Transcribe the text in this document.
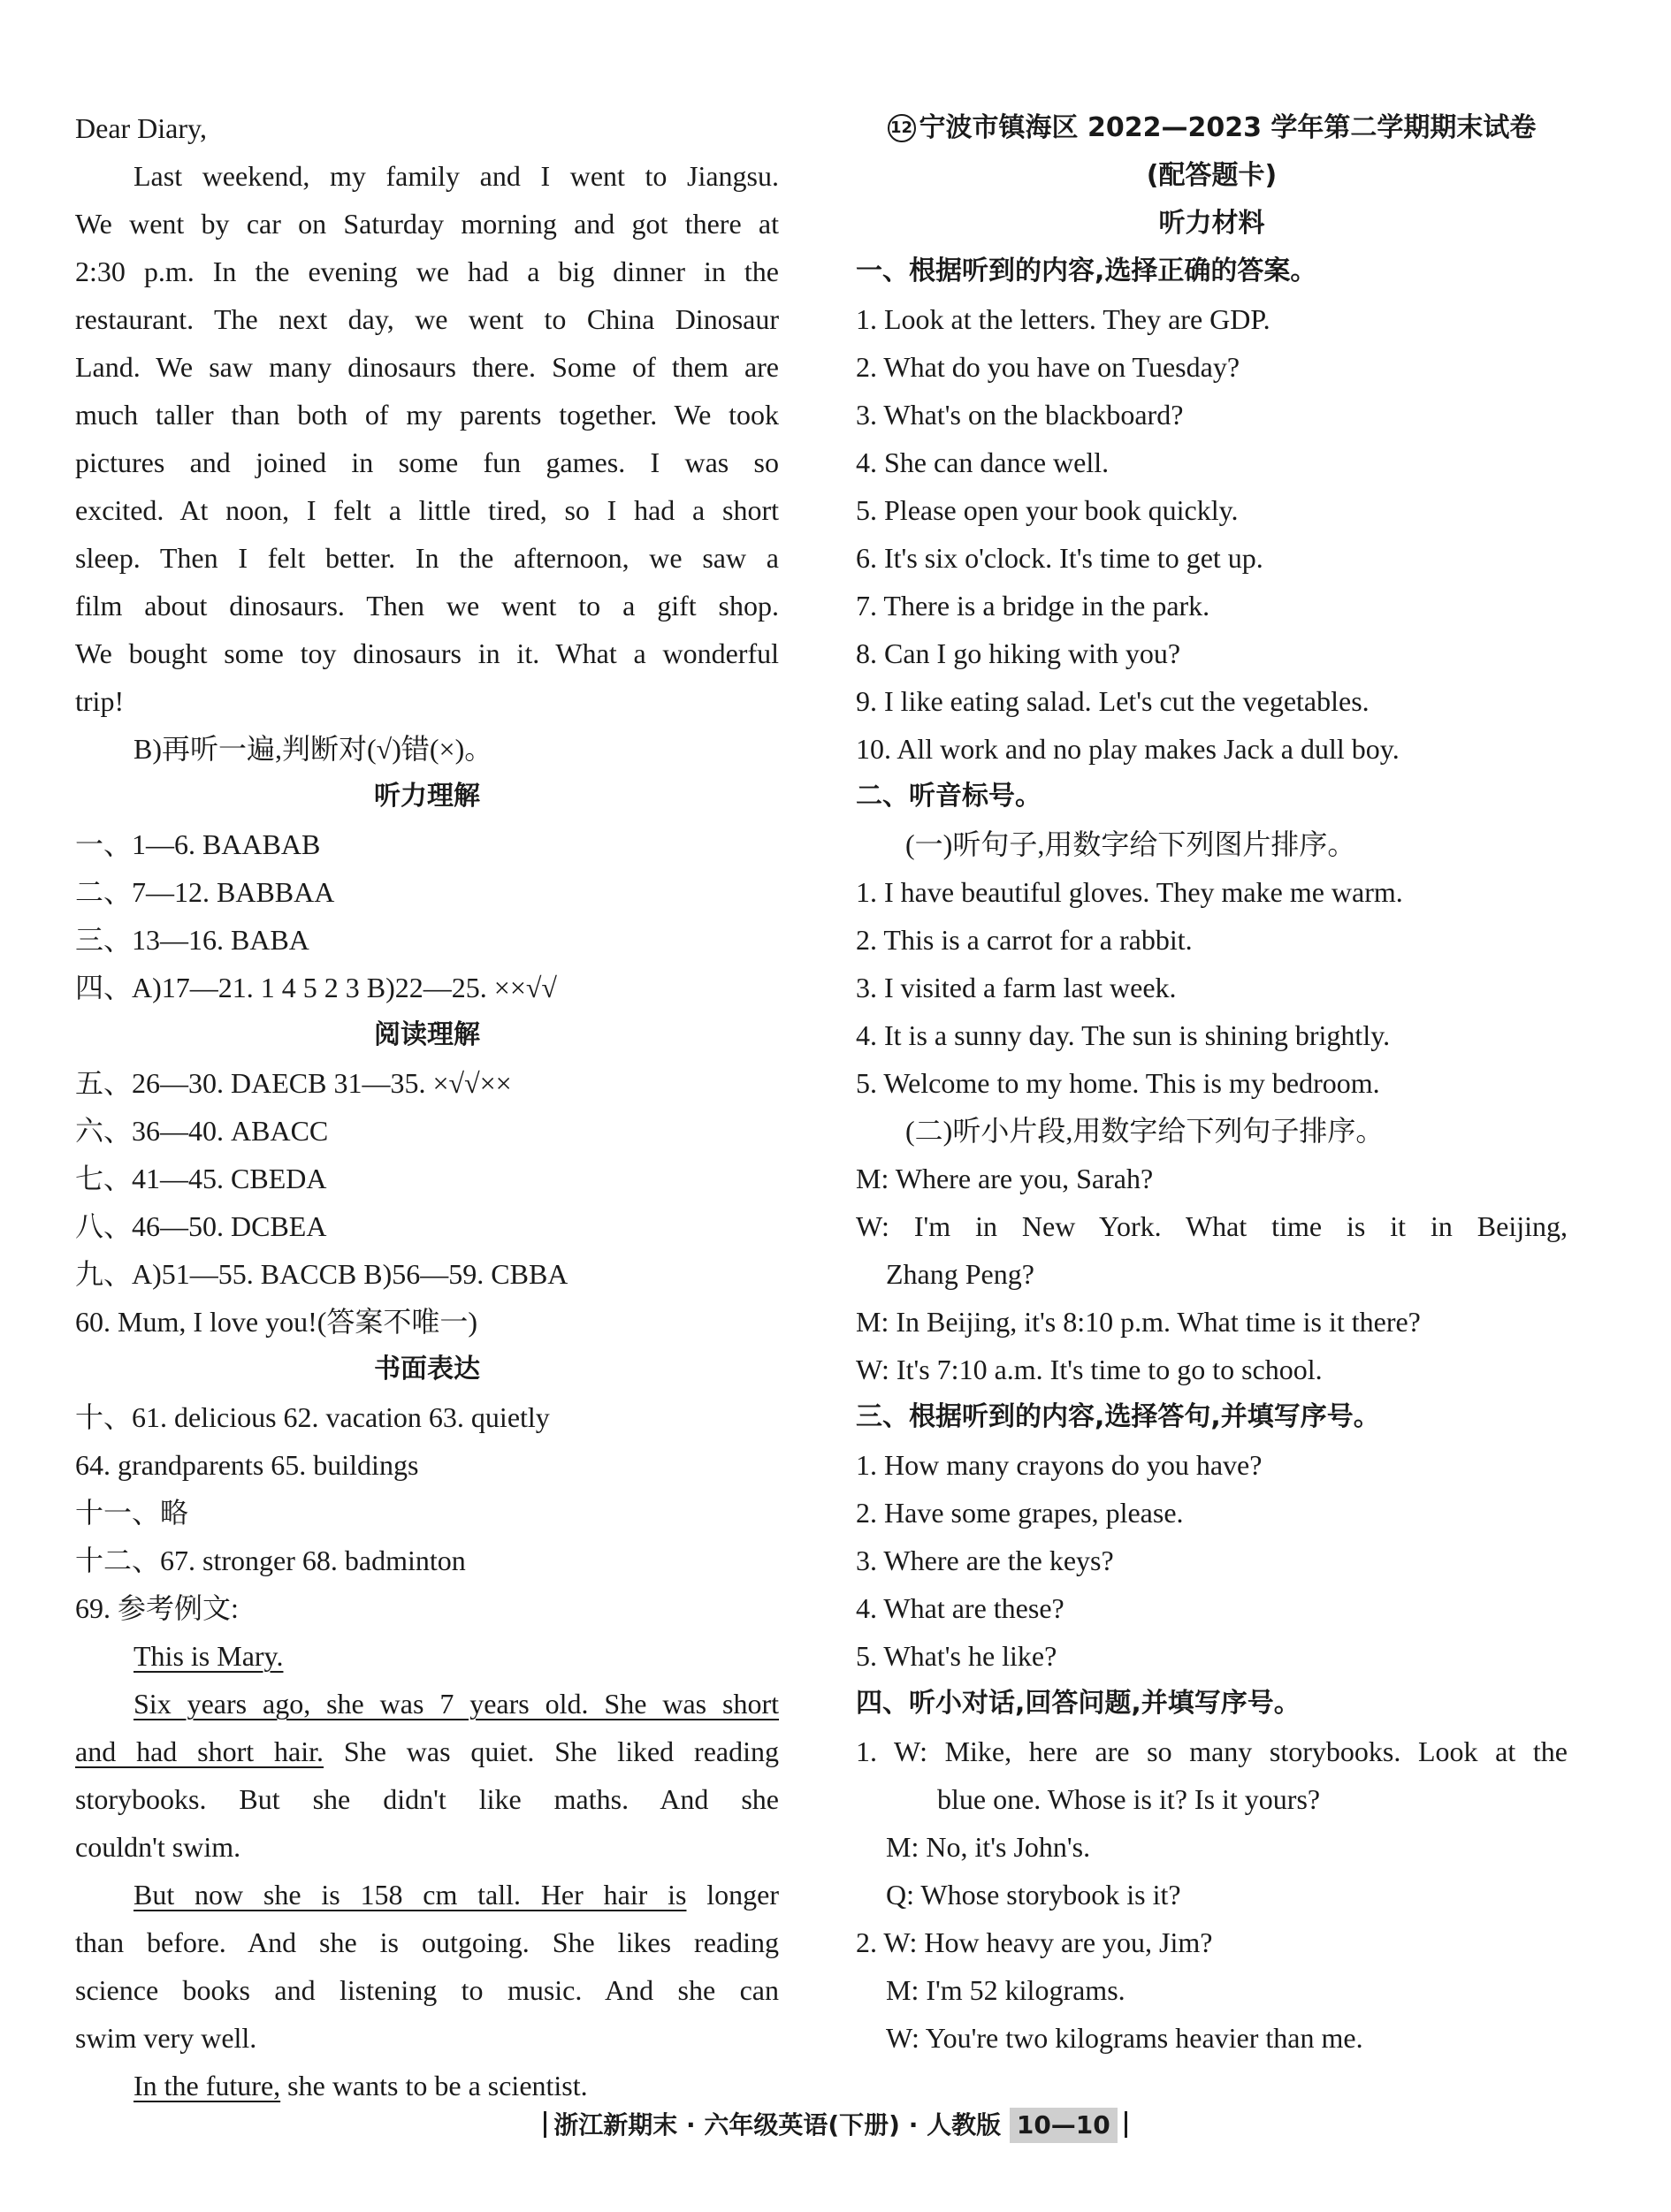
Dear Diary,
Last weekend, my family and I went to Jiangsu.
We went by car on Saturday morning and got there at
2:30 p.m. In the evening we had a big dinner in the
restaurant. The next day, we went to China Dinosaur
Land. We saw many dinosaurs there. Some of them are
much taller than both of my parents together. We took
pictures and joined in some fun games. I was so
excited. At noon, I felt a little tired, so I had a short
sleep. Then I felt better. In the afternoon, we saw a
film about dinosaurs. Then we went to a gift shop.
We bought some toy dinosaurs in it. What a wonderful
trip!
B)再听一遍,判断对(√)错(×)。
听力理解
一、1—6. BAABAB
二、7—12. BABBAA
三、13—16. BABA
四、A)17—21. 1 4 5 2 3 B)22—25. ××√√
阅读理解
五、26—30. DAECB 31—35. ×√√××
六、36—40. ABACC
七、41—45. CBEDA
八、46—50. DCBEA
九、A)51—55. BACCB B)56—59. CBBA
60. Mum, I love you!(答案不唯一)
书面表达
十、61. delicious 62. vacation 63. quietly
64. grandparents 65. buildings
十一、略
十二、67. stronger 68. badminton
69. 参考例文:
This is Mary.
Six years ago, she was 7 years old. She was short
and had short hair. She was quiet. She liked reading
storybooks. But she didn't like maths. And she
couldn't swim.
But now she is 158 cm tall. Her hair is longer
than before. And she is outgoing. She likes reading
science books and listening to music. And she can
swim very well.
In the future, she wants to be a scientist.
12 宁波市镇海区 2022—2023 学年第二学期期末试卷
(配答题卡)
听力材料
一、根据听到的内容,选择正确的答案。
1. Look at the letters. They are GDP.
2. What do you have on Tuesday?
3. What's on the blackboard?
4. She can dance well.
5. Please open your book quickly.
6. It's six o'clock. It's time to get up.
7. There is a bridge in the park.
8. Can I go hiking with you?
9. I like eating salad. Let's cut the vegetables.
10. All work and no play makes Jack a dull boy.
二、听音标号。
(一)听句子,用数字给下列图片排序。
1. I have beautiful gloves. They make me warm.
2. This is a carrot for a rabbit.
3. I visited a farm last week.
4. It is a sunny day. The sun is shining brightly.
5. Welcome to my home. This is my bedroom.
(二)听小片段,用数字给下列句子排序。
M: Where are you, Sarah?
W: I'm in New York. What time is it in Beijing,
Zhang Peng?
M: In Beijing, it's 8:10 p.m. What time is it there?
W: It's 7:10 a.m. It's time to go to school.
三、根据听到的内容,选择答句,并填写序号。
1. How many crayons do you have?
2. Have some grapes, please.
3. Where are the keys?
4. What are these?
5. What's he like?
四、听小对话,回答问题,并填写序号。
1. W: Mike, here are so many storybooks. Look at the
blue one. Whose is it? Is it yours?
M: No, it's John's.
Q: Whose storybook is it?
2. W: How heavy are you, Jim?
M: I'm 52 kilograms.
W: You're two kilograms heavier than me.
浙江新期末 · 六年级英语(下册) · 人教版 10—10
